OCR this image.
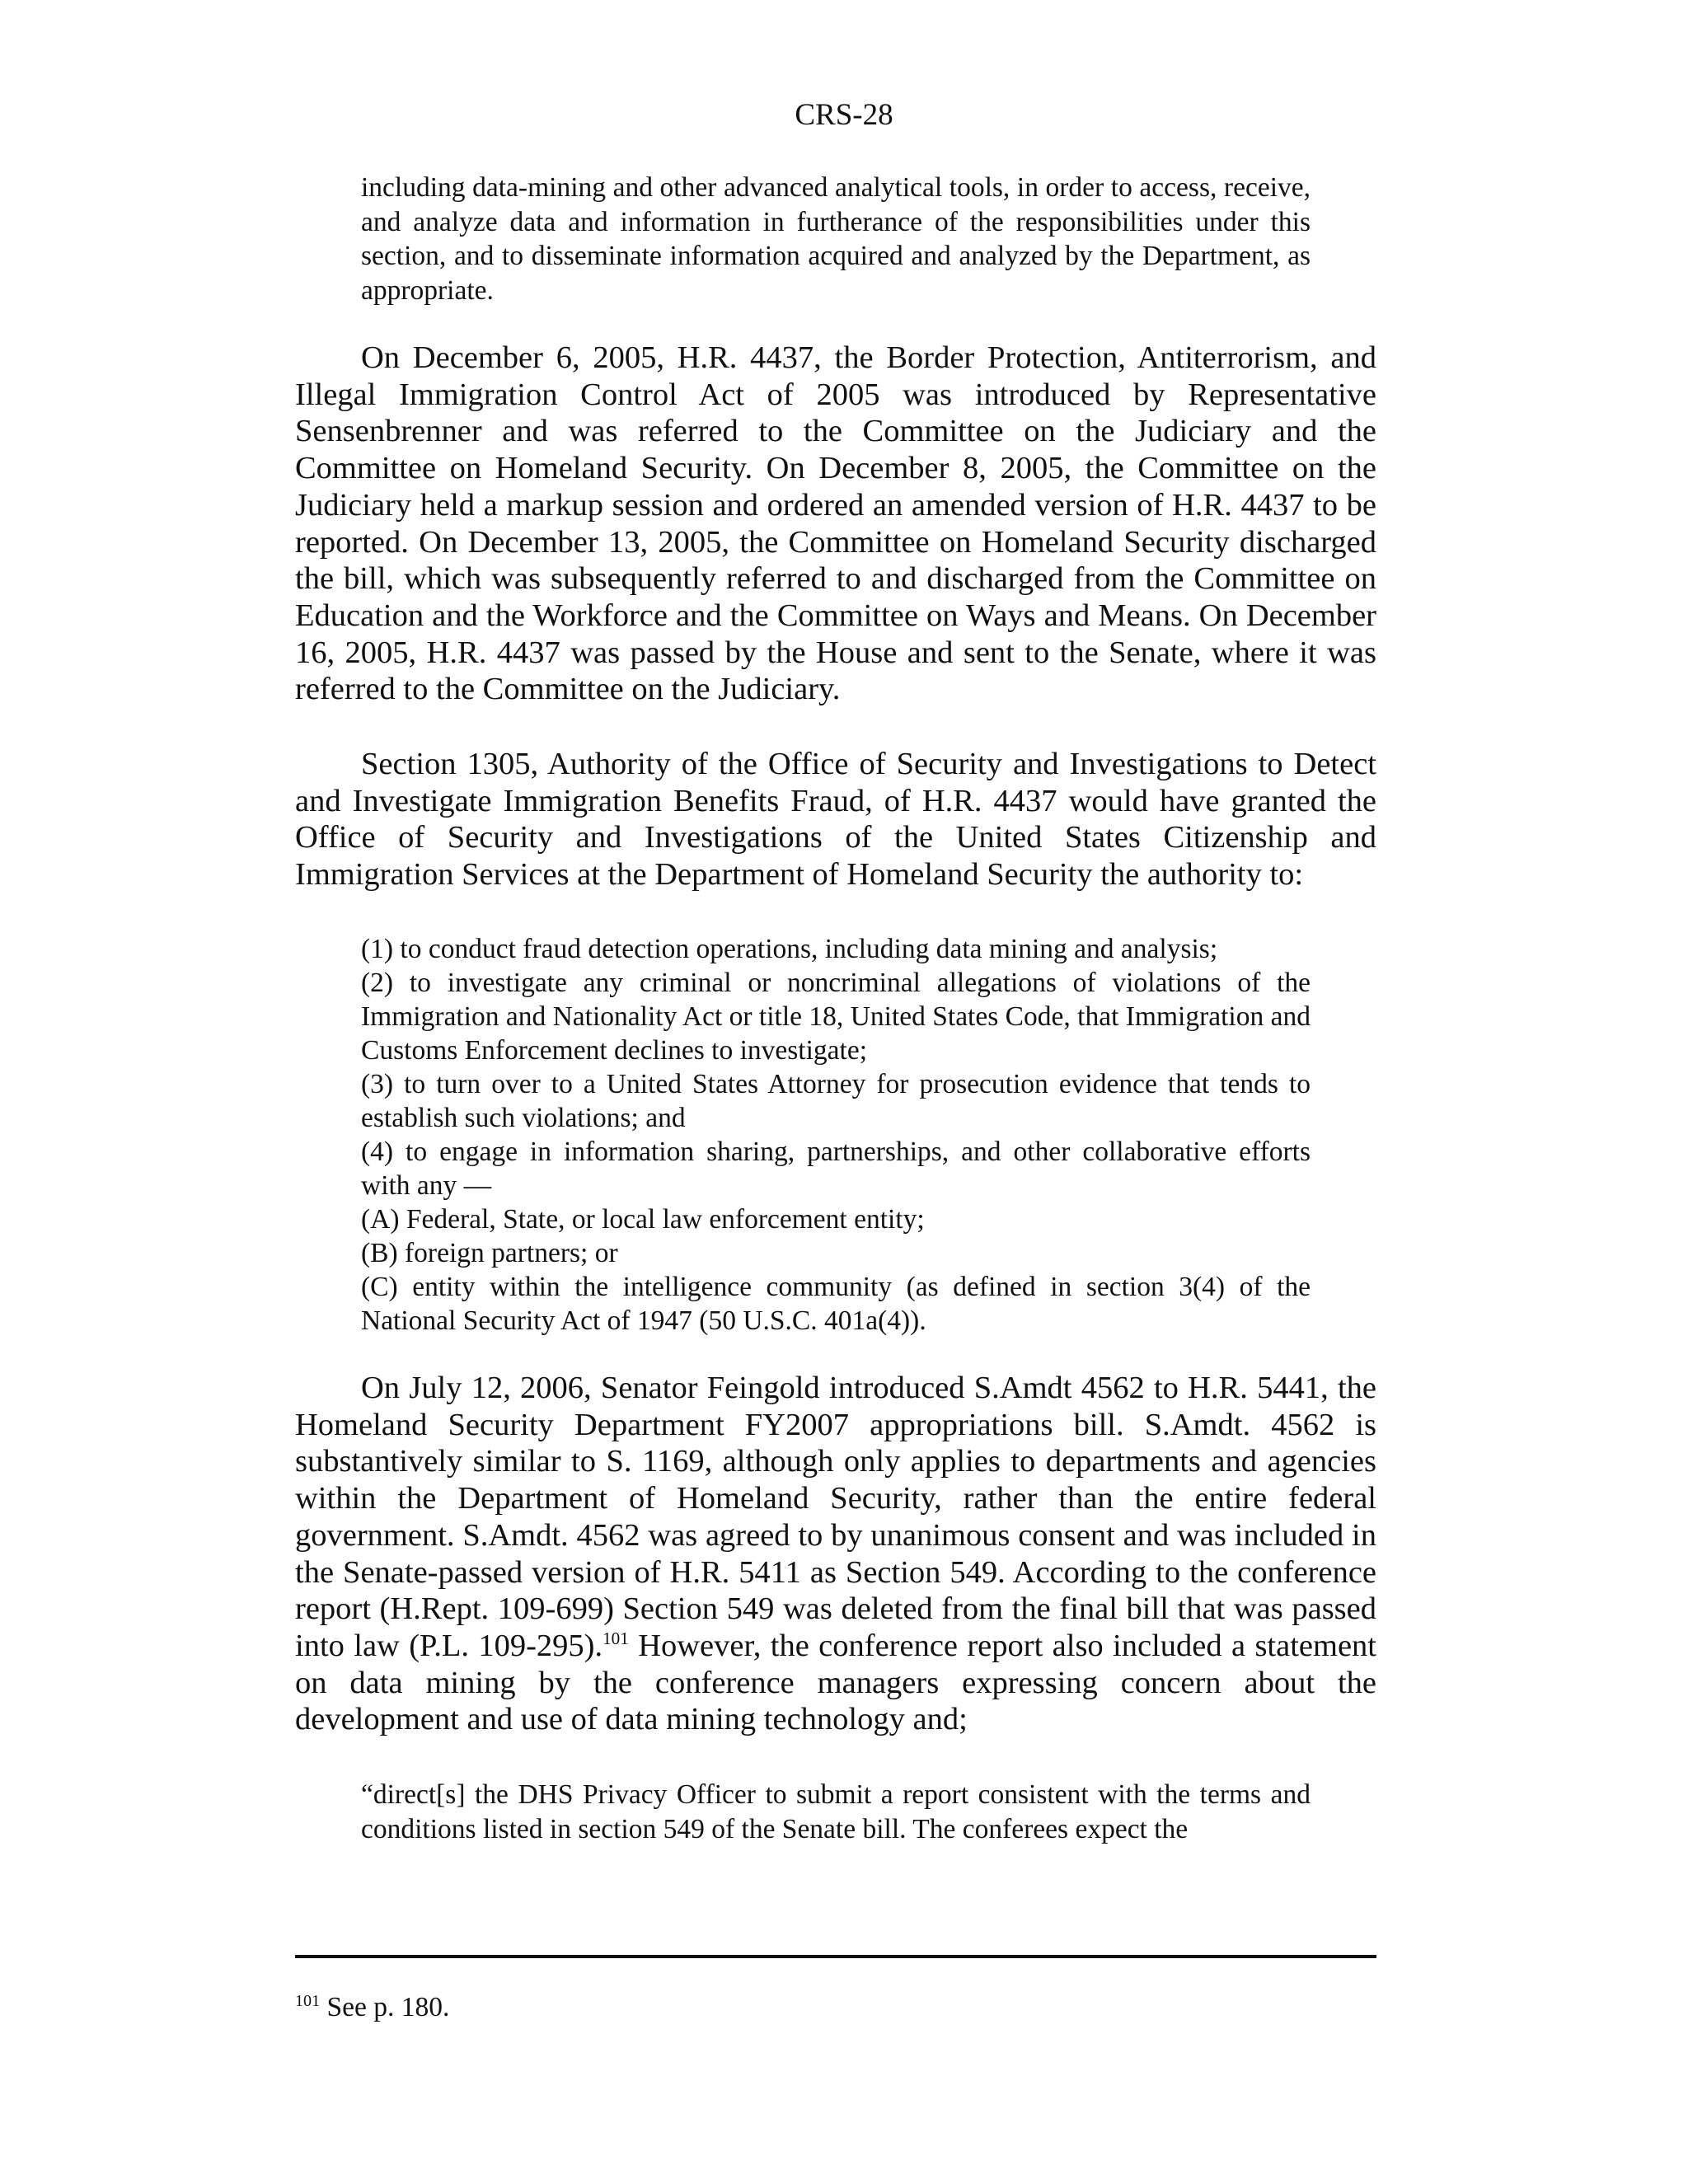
CRS-28

including data-mining and other advanced analytical tools, in order to access, receive, and analyze data and information in furtherance of the responsibilities under this section, and to disseminate information acquired and analyzed by the Department, as appropriate.

On December 6, 2005, H.R. 4437, the Border Protection, Antiterrorism, and Illegal Immigration Control Act of 2005 was introduced by Representative Sensenbrenner and was referred to the Committee on the Judiciary and the Committee on Homeland Security. On December 8, 2005, the Committee on the Judiciary held a markup session and ordered an amended version of H.R. 4437 to be reported. On December 13, 2005, the Committee on Homeland Security discharged the bill, which was subsequently referred to and discharged from the Committee on Education and the Workforce and the Committee on Ways and Means. On December 16, 2005, H.R. 4437 was passed by the House and sent to the Senate, where it was referred to the Committee on the Judiciary.

Section 1305, Authority of the Office of Security and Investigations to Detect and Investigate Immigration Benefits Fraud, of H.R. 4437 would have granted the Office of Security and Investigations of the United States Citizenship and Immigration Services at the Department of Homeland Security the authority to:

(1) to conduct fraud detection operations, including data mining and analysis;
(2) to investigate any criminal or noncriminal allegations of violations of the Immigration and Nationality Act or title 18, United States Code, that Immigration and Customs Enforcement declines to investigate;
(3) to turn over to a United States Attorney for prosecution evidence that tends to establish such violations; and
(4) to engage in information sharing, partnerships, and other collaborative efforts with any —
(A) Federal, State, or local law enforcement entity;
(B) foreign partners; or
(C) entity within the intelligence community (as defined in section 3(4) of the National Security Act of 1947 (50 U.S.C. 401a(4)).

On July 12, 2006, Senator Feingold introduced S.Amdt 4562 to H.R. 5441, the Homeland Security Department FY2007 appropriations bill. S.Amdt. 4562 is substantively similar to S. 1169, although only applies to departments and agencies within the Department of Homeland Security, rather than the entire federal government. S.Amdt. 4562 was agreed to by unanimous consent and was included in the Senate-passed version of H.R. 5411 as Section 549. According to the conference report (H.Rept. 109-699) Section 549 was deleted from the final bill that was passed into law (P.L. 109-295).$^{101}$ However, the conference report also included a statement on data mining by the conference managers expressing concern about the development and use of data mining technology and;

“direct[s] the DHS Privacy Officer to submit a report consistent with the terms and conditions listed in section 549 of the Senate bill. The conferees expect the

$^{101}$ See p. 180.
